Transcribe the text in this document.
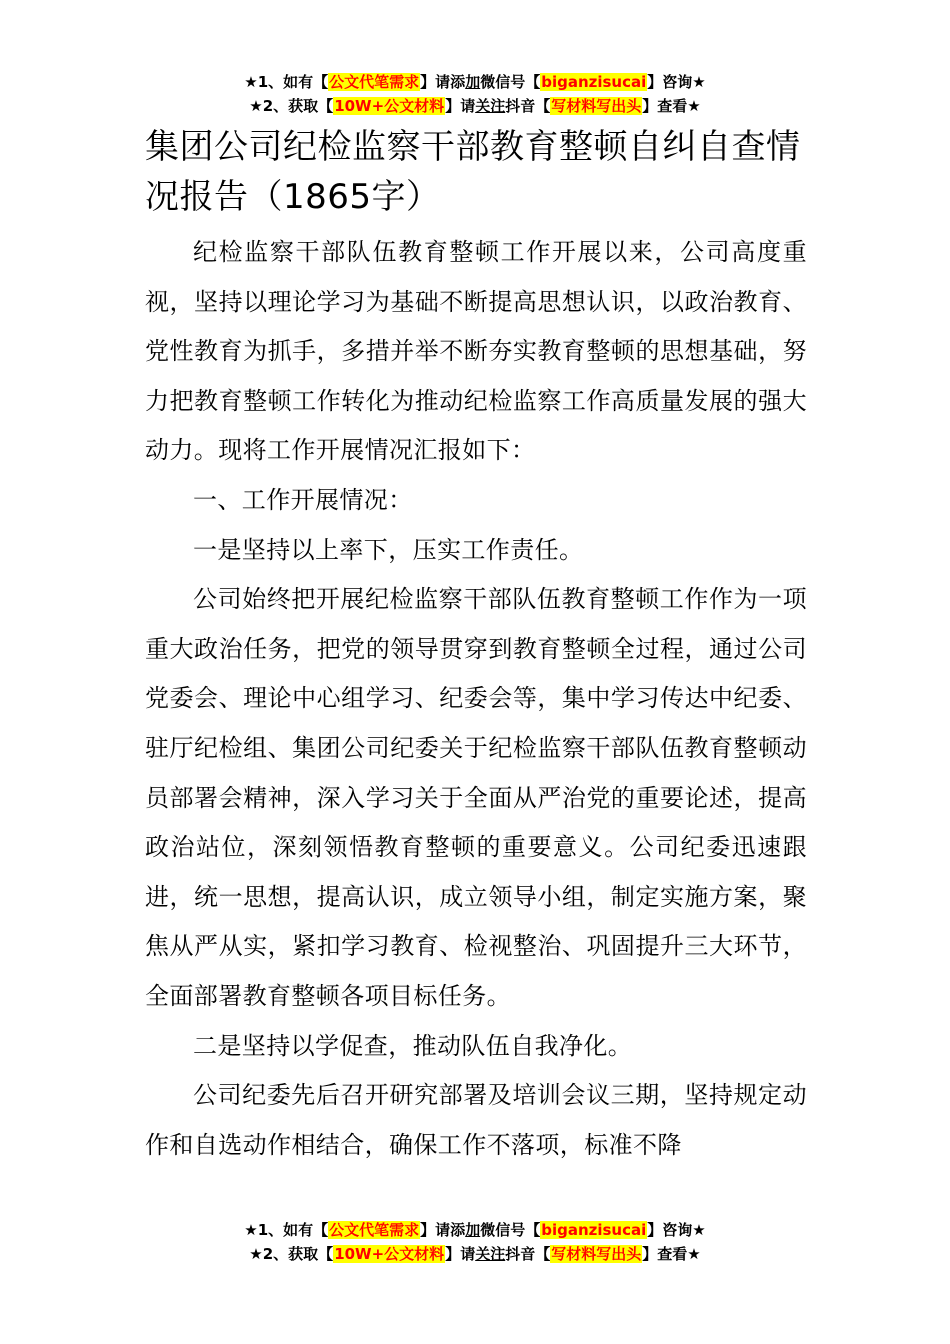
★1、如有【公文代笔需求】请添加微信号【biganzisucai】咨询★
★2、获取【10W+公文材料】请关注抖音【写材料写出头】查看★
集团公司纪检监察干部教育整顿自纠自查情况报告（1865字）

纪检监察干部队伍教育整顿工作开展以来，公司高度重视，坚持以理论学习为基础不断提高思想认识，以政治教育、党性教育为抓手，多措并举不断夯实教育整顿的思想基础，努力把教育整顿工作转化为推动纪检监察工作高质量发展的强大动力。现将工作开展情况汇报如下：

一、工作开展情况：

一是坚持以上率下，压实工作责任。

公司始终把开展纪检监察干部队伍教育整顿工作作为一项重大政治任务，把党的领导贯穿到教育整顿全过程，通过公司党委会、理论中心组学习、纪委会等，集中学习传达中纪委、驻厅纪检组、集团公司纪委关于纪检监察干部队伍教育整顿动员部署会精神，深入学习关于全面从严治党的重要论述，提高政治站位，深刻领悟教育整顿的重要意义。公司纪委迅速跟进，统一思想，提高认识，成立领导小组，制定实施方案，聚焦从严从实，紧扣学习教育、检视整治、巩固提升三大环节，全面部署教育整顿各项目标任务。

二是坚持以学促查，推动队伍自我净化。

公司纪委先后召开研究部署及培训会议三期，坚持规定动作和自选动作相结合，确保工作不落项，标准不降

★1、如有【公文代笔需求】请添加微信号【biganzisucai】咨询★
★2、获取【10W+公文材料】请关注抖音【写材料写出头】查看★
